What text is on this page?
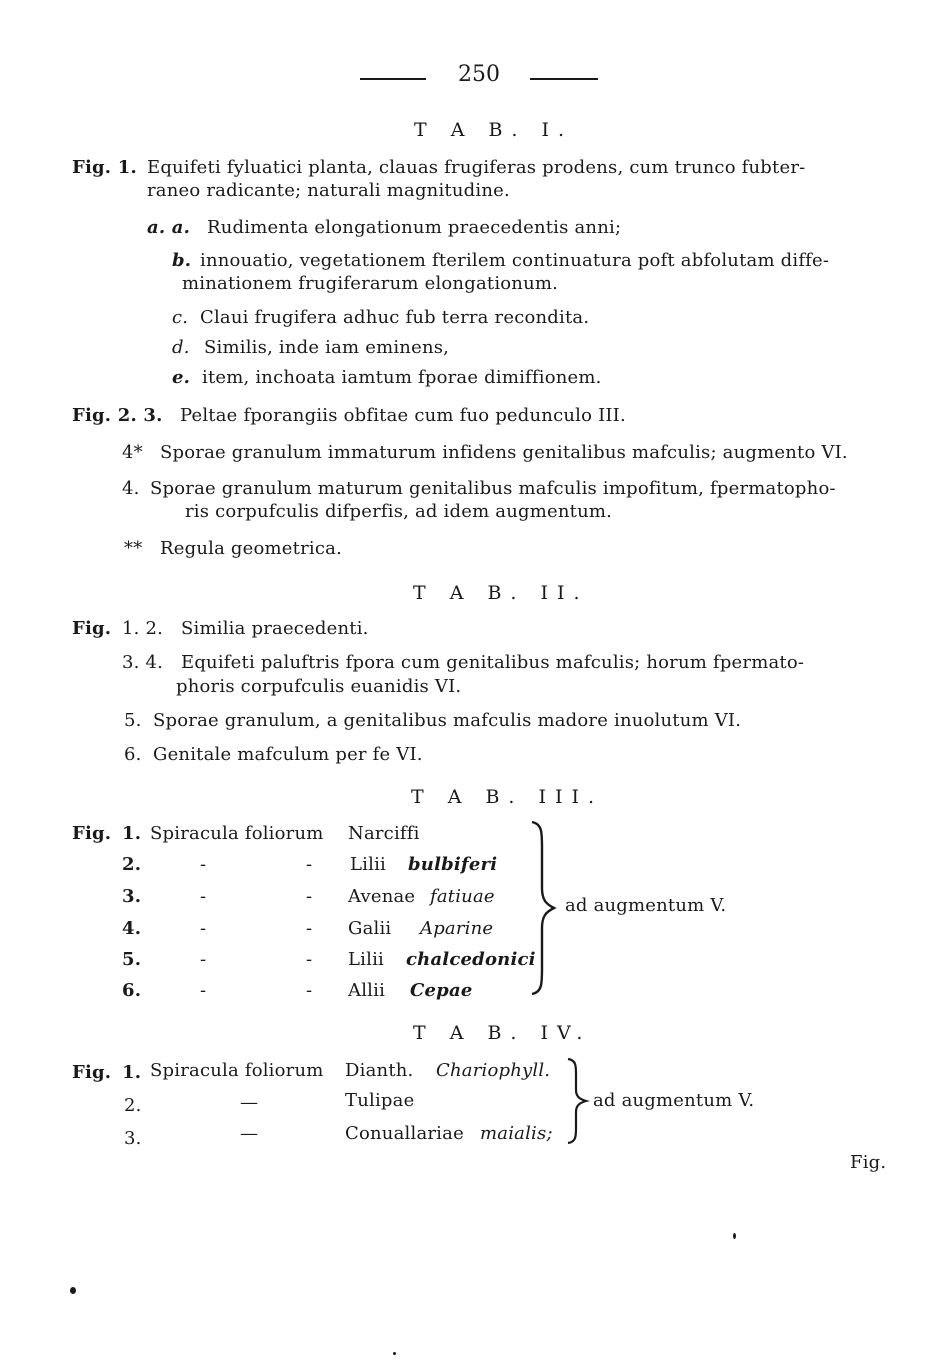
250
T A B. I.
Fig. 1. Equifeti fyluatici planta, clauas frugiferas prodens, cum trunco fubter-
raneo radicante; naturali magnitudine.
a. a. Rudimenta elongationum praecedentis anni;
b. innouatio, vegetationem fterilem continuatura poft abfolutam diffe-
minationem frugiferarum elongationum.
c. Claui frugifera adhuc fub terra recondita.
d. Similis, inde iam eminens,
e. item, inchoata iamtum fporae dimiffionem.
Fig. 2. 3. Peltae fporangiis obfitae cum fuo pedunculo III.
4* Sporae granulum immaturum infidens genitalibus mafculis; augmento VI.
4. Sporae granulum maturum genitalibus mafculis impofitum, fpermatopho-
ris corpufculis difperfis, ad idem augmentum.
** Regula geometrica.
T A B. II.
Fig. 1. 2. Similia praecedenti.
3. 4. Equifeti paluftris fpora cum genitalibus mafculis; horum fpermato-
phoris corpufculis euanidis VI.
5. Sporae granulum, a genitalibus mafculis madore inuolutum VI.
6. Genitale mafculum per fe VI.
T A B. III.
Fig. 1. Spiracula foliorum Narciffi
2.	-	- Lilii bulbiferi
3.	-	- Avenae fatiuae
4.	-	- Galii Aparine
5.	-	- Lilii chalcedonici
6.	-	- Allii Cepae
ad augmentum V.
T A B. IV.
Fig. 1. Spiracula foliorum Dianth. Chariophyll.
2.	—	Tulipae
3.	—	Conuallariae maialis;
ad augmentum V.
Fig.
